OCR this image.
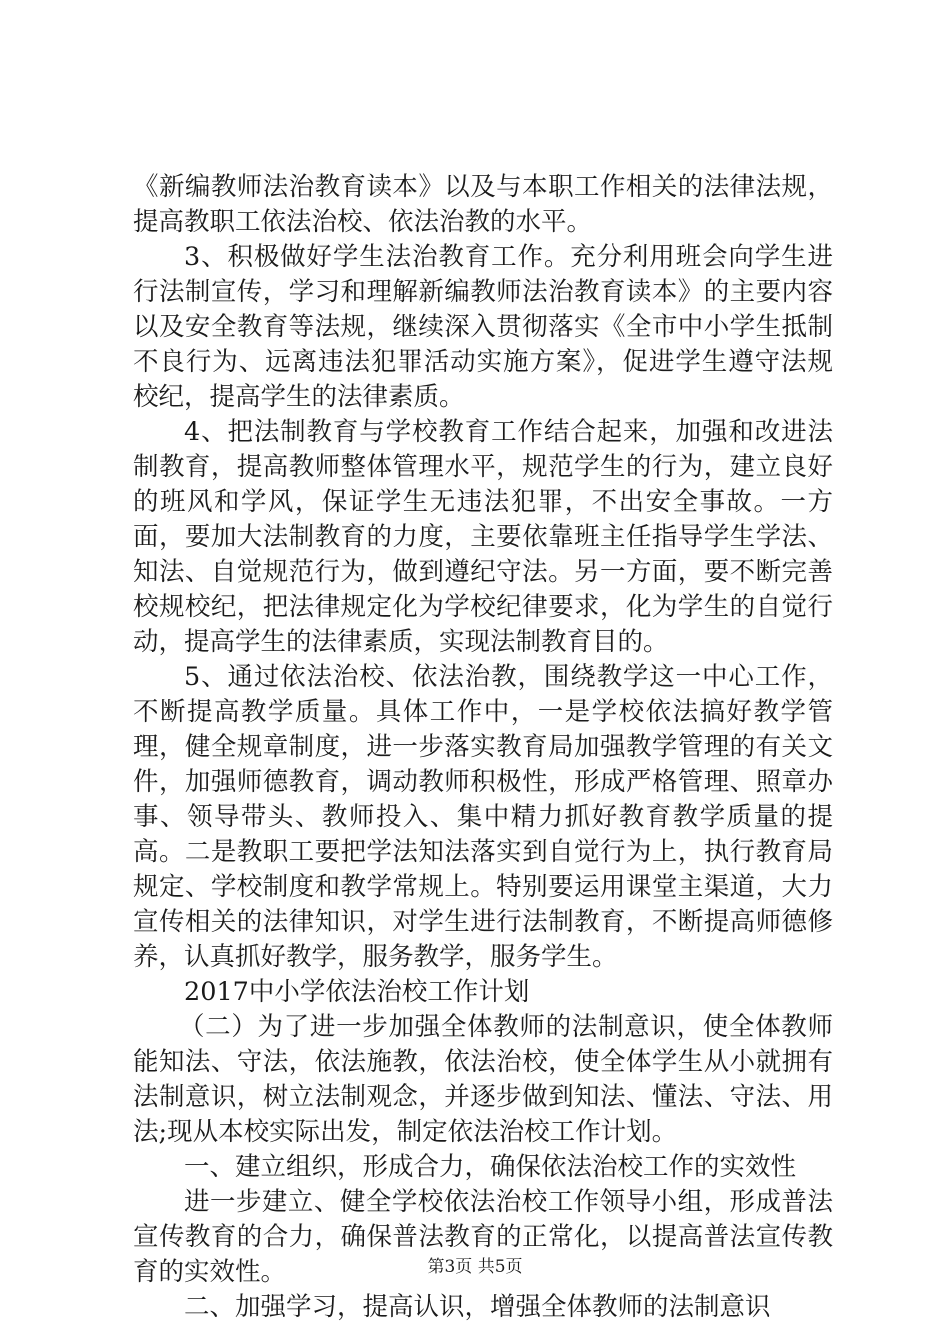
《新编教师法治教育读本》以及与本职工作相关的法律法规，提高教职工依法治校、依法治教的水平。

3、积极做好学生法治教育工作。充分利用班会向学生进行法制宣传，学习和理解新编教师法治教育读本》的主要内容以及安全教育等法规，继续深入贯彻落实《全市中小学生抵制不良行为、远离违法犯罪活动实施方案》，促进学生遵守法规校纪，提高学生的法律素质。

4、把法制教育与学校教育工作结合起来，加强和改进法制教育，提高教师整体管理水平，规范学生的行为，建立良好的班风和学风，保证学生无违法犯罪，不出安全事故。一方面，要加大法制教育的力度，主要依靠班主任指导学生学法、知法、自觉规范行为，做到遵纪守法。另一方面，要不断完善校规校纪，把法律规定化为学校纪律要求，化为学生的自觉行动，提高学生的法律素质，实现法制教育目的。

5、通过依法治校、依法治教，围绕教学这一中心工作，不断提高教学质量。具体工作中，一是学校依法搞好教学管理，健全规章制度，进一步落实教育局加强教学管理的有关文件，加强师德教育，调动教师积极性，形成严格管理、照章办事、领导带头、教师投入、集中精力抓好教育教学质量的提高。二是教职工要把学法知法落实到自觉行为上，执行教育局规定、学校制度和教学常规上。特别要运用课堂主渠道，大力宣传相关的法律知识，对学生进行法制教育，不断提高师德修养，认真抓好教学，服务教学，服务学生。

2017中小学依法治校工作计划

（二）为了进一步加强全体教师的法制意识，使全体教师能知法、守法，依法施教，依法治校，使全体学生从小就拥有法制意识，树立法制观念，并逐步做到知法、懂法、守法、用法;现从本校实际出发，制定依法治校工作计划。

一、建立组织，形成合力，确保依法治校工作的实效性

进一步建立、健全学校依法治校工作领导小组，形成普法宣传教育的合力，确保普法教育的正常化，以提高普法宣传教育的实效性。

二、加强学习，提高认识，增强全体教师的法制意识

第3页 共5页
